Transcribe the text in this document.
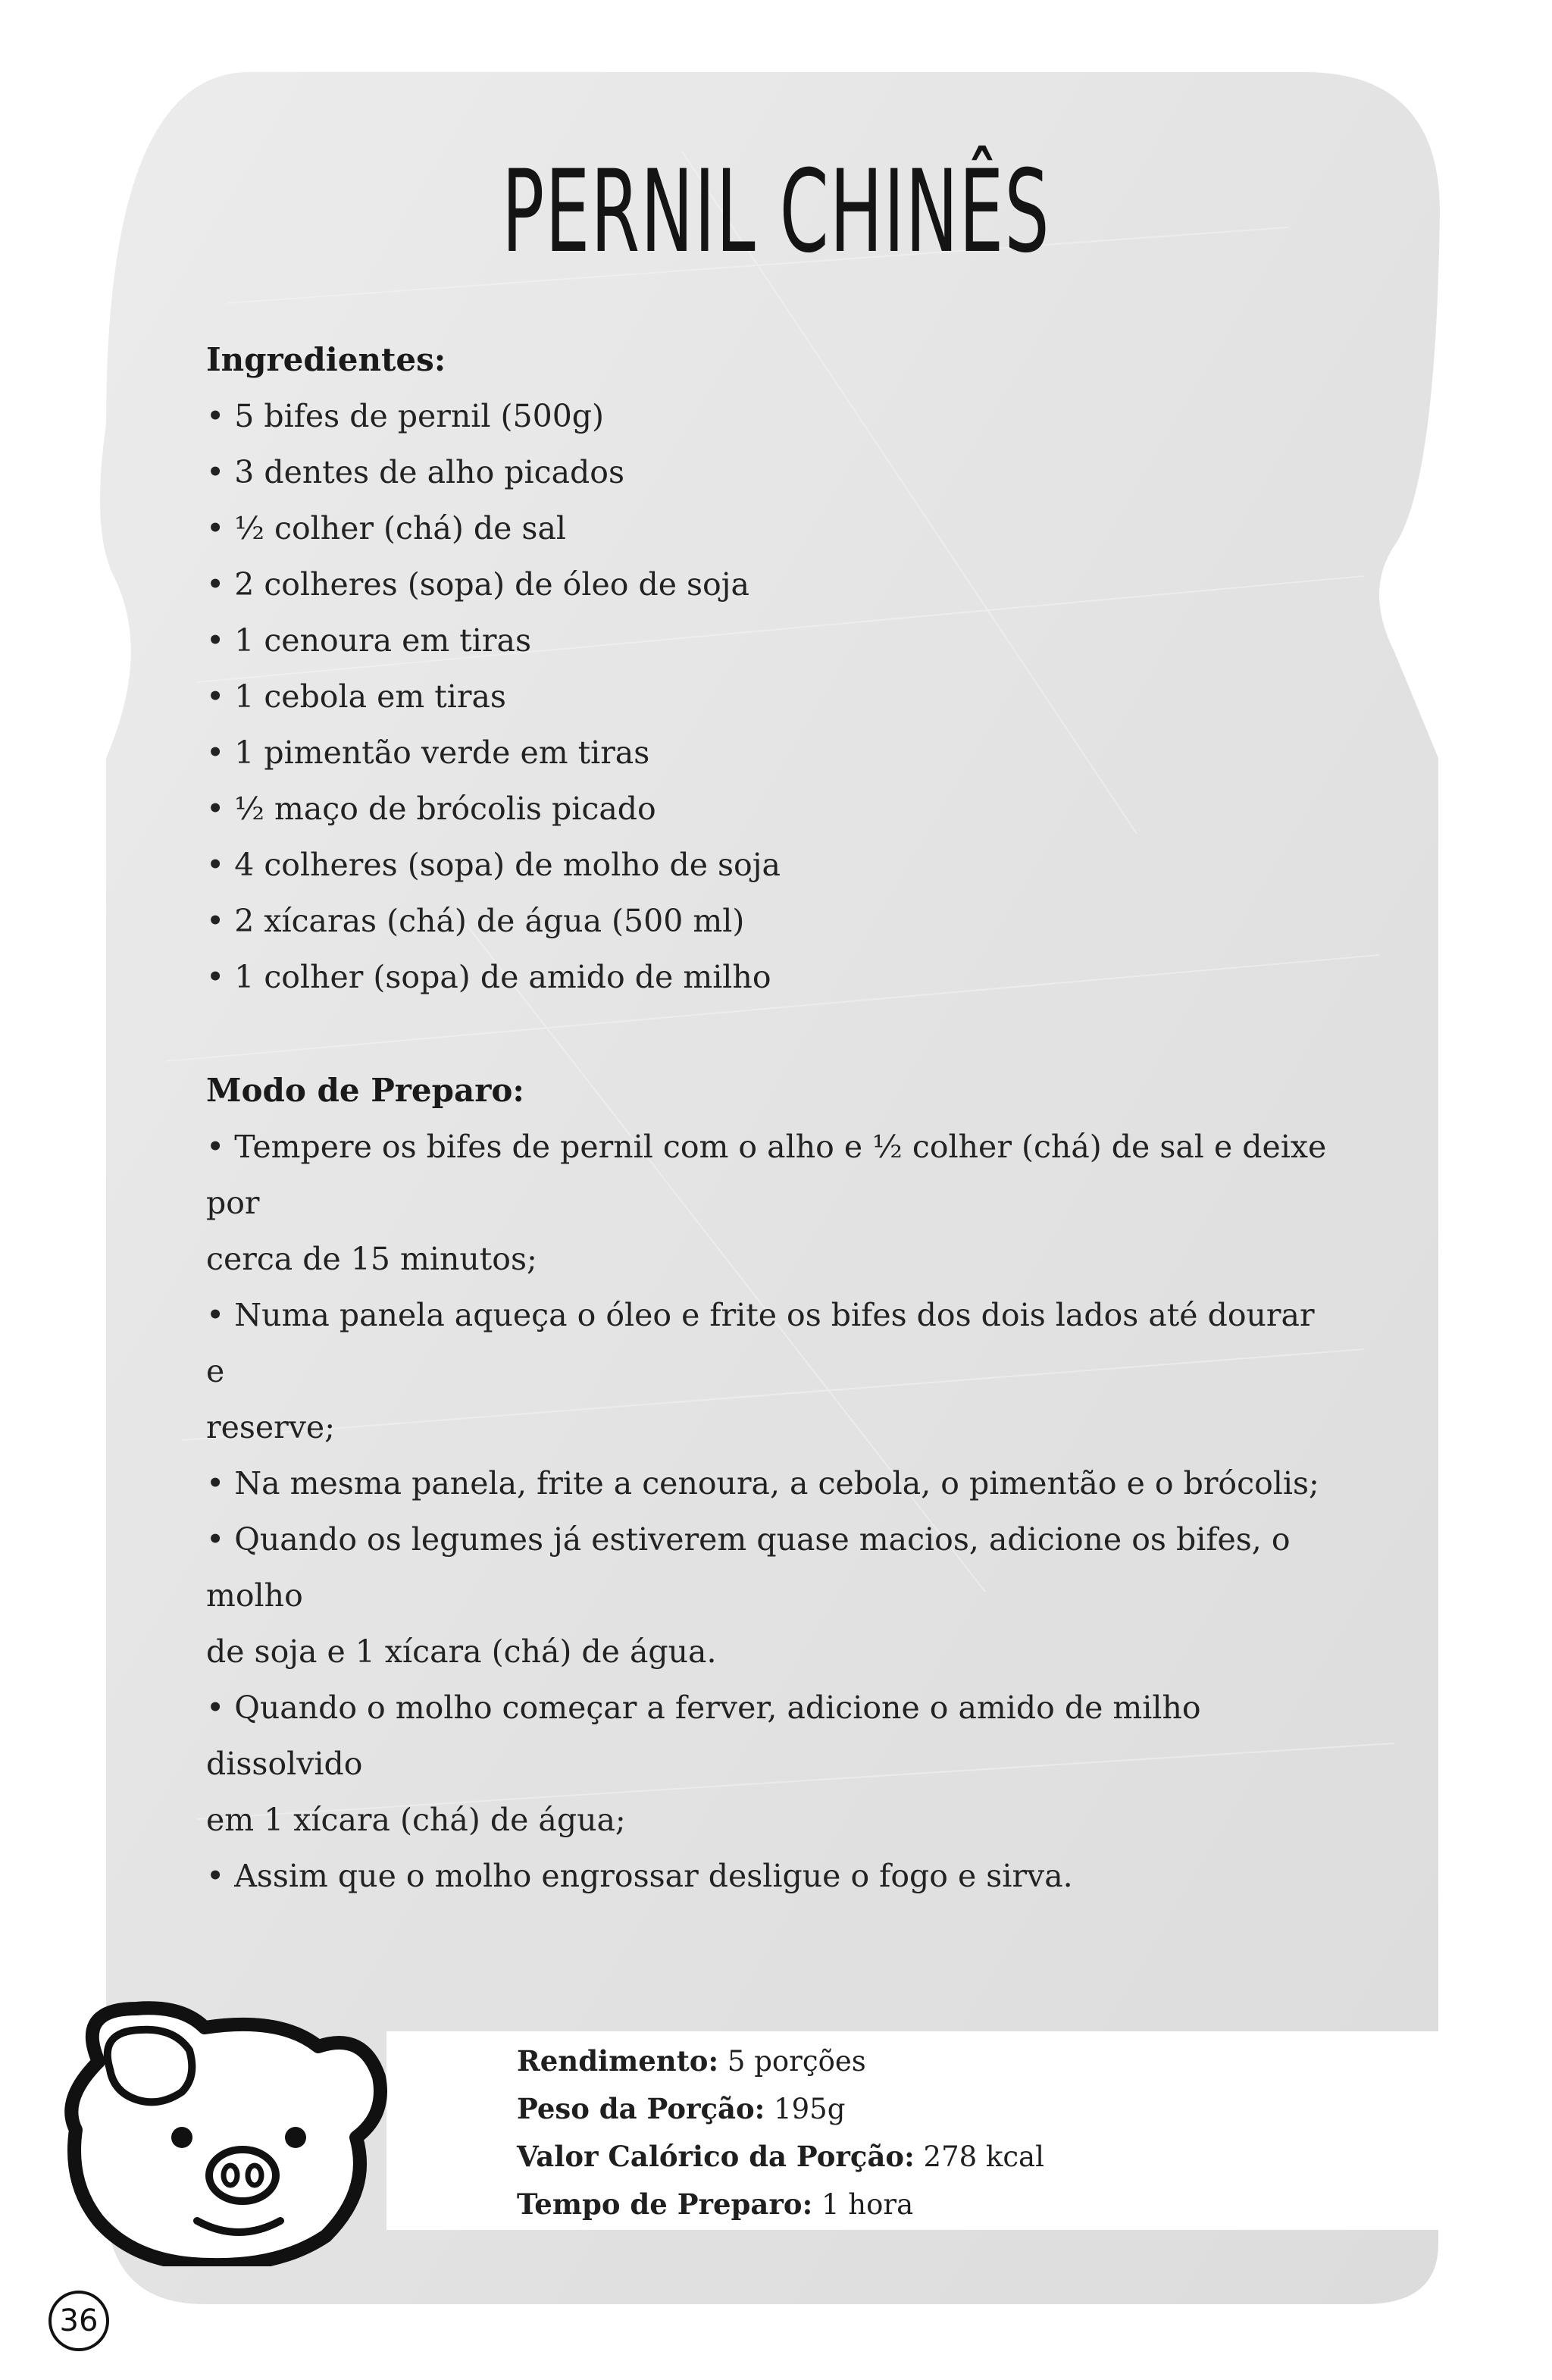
PERNIL CHINÊS

Ingredientes:

• 5 bifes de pernil (500g)
• 3 dentes de alho picados
• ½ colher (chá) de sal
• 2 colheres (sopa) de óleo de soja
• 1 cenoura em tiras
• 1 cebola em tiras
• 1 pimentão verde em tiras
• ½ maço de brócolis picado
• 4 colheres (sopa) de molho de soja
• 2 xícaras (chá) de água (500 ml)
• 1 colher (sopa) de amido de milho

Modo de Preparo:

• Tempere os bifes de pernil com o alho e ½ colher (chá) de sal e deixe por
cerca de 15 minutos;
• Numa panela aqueça o óleo e frite os bifes dos dois lados até dourar e
reserve;
• Na mesma panela, frite a cenoura, a cebola, o pimentão e o brócolis;
• Quando os legumes já estiverem quase macios, adicione os bifes, o molho
de soja e 1 xícara (chá) de água.
• Quando o molho começar a ferver, adicione o amido de milho dissolvido
em 1 xícara (chá) de água;
• Assim que o molho engrossar desligue o fogo e sirva.
Rendimento: 5 porções
Peso da Porção: 195g
Valor Calórico da Porção: 278 kcal
Tempo de Preparo: 1 hora
36
